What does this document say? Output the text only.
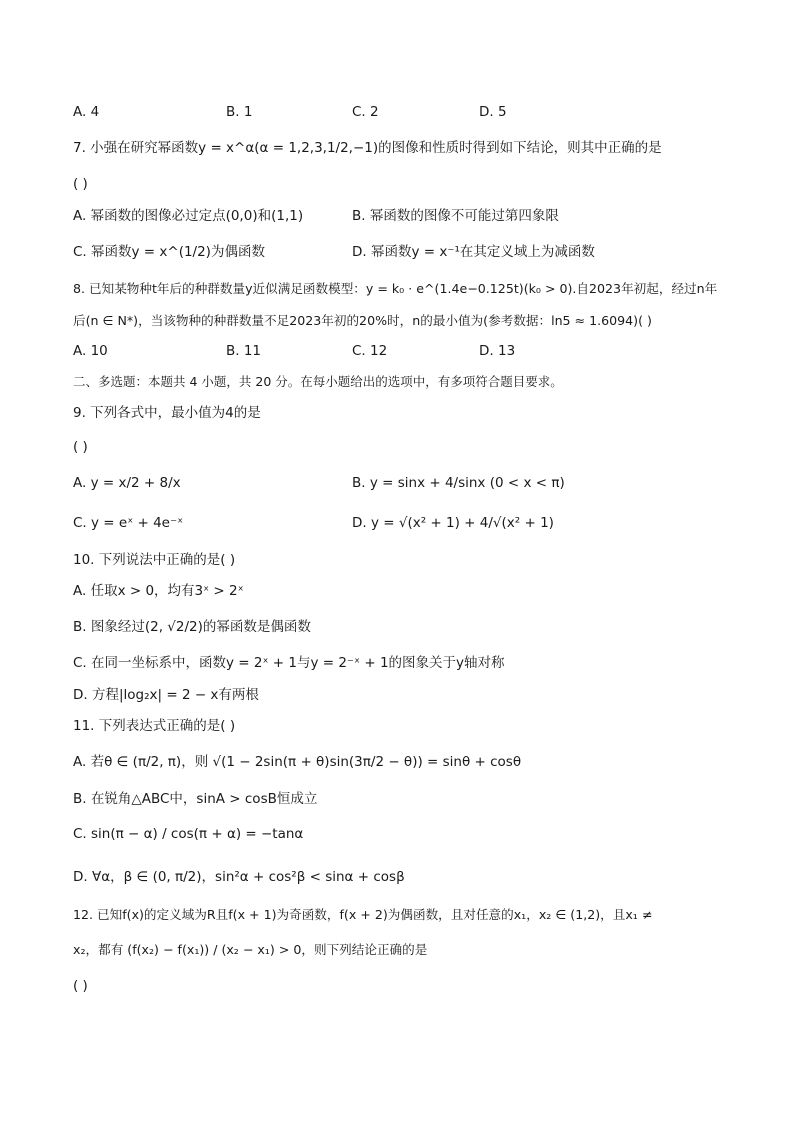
A. 4	B. 1	C. 2	D. 5
7. 小强在研究幂函数y = x^α(α = 1,2,3,1/2,−1)的图像和性质时得到如下结论，则其中正确的是
( )
A. 幂函数的图像必过定点(0,0)和(1,1)	B. 幂函数的图像不可能过第四象限
C. 幂函数y = x^(1/2)为偶函数	D. 幂函数y = x⁻¹在其定义域上为减函数
8. 已知某物种t年后的种群数量y近似满足函数模型：y = k₀ · e^(1.4e−0.125t)(k₀ > 0).自2023年初起，经过n年
后(n ∈ N*)，当该物种的种群数量不足2023年初的20%时，n的最小值为(参考数据：ln5 ≈ 1.6094)( )
A. 10	B. 11	C. 12	D. 13
二、多选题：本题共 4 小题，共 20 分。在每小题给出的选项中，有多项符合题目要求。
9. 下列各式中，最小值为4的是
( )
A. y = x/2 + 8/x	B. y = sinx + 4/sinx (0 < x < π)
C. y = eˣ + 4e⁻ˣ	D. y = √(x² + 1) + 4/√(x² + 1)
10. 下列说法中正确的是( )
A. 任取x > 0，均有3ˣ > 2ˣ
B. 图象经过(2, √2/2)的幂函数是偶函数
C. 在同一坐标系中，函数y = 2ˣ + 1与y = 2⁻ˣ + 1的图象关于y轴对称
D. 方程|log₂x| = 2 − x有两根
11. 下列表达式正确的是( )
A. 若θ ∈ (π/2, π)，则 √(1 − 2sin(π + θ)sin(3π/2 − θ)) = sinθ + cosθ
B. 在锐角△ABC中，sinA > cosB恒成立
C. sin(π − α) / cos(π + α) = −tanα
D. ∀α，β ∈ (0, π/2)，sin²α + cos²β < sinα + cosβ
12. 已知f(x)的定义域为R且f(x + 1)为奇函数，f(x + 2)为偶函数，且对任意的x₁，x₂ ∈ (1,2)，且x₁ ≠
x₂，都有 (f(x₂) − f(x₁)) / (x₂ − x₁) > 0，则下列结论正确的是
( )
